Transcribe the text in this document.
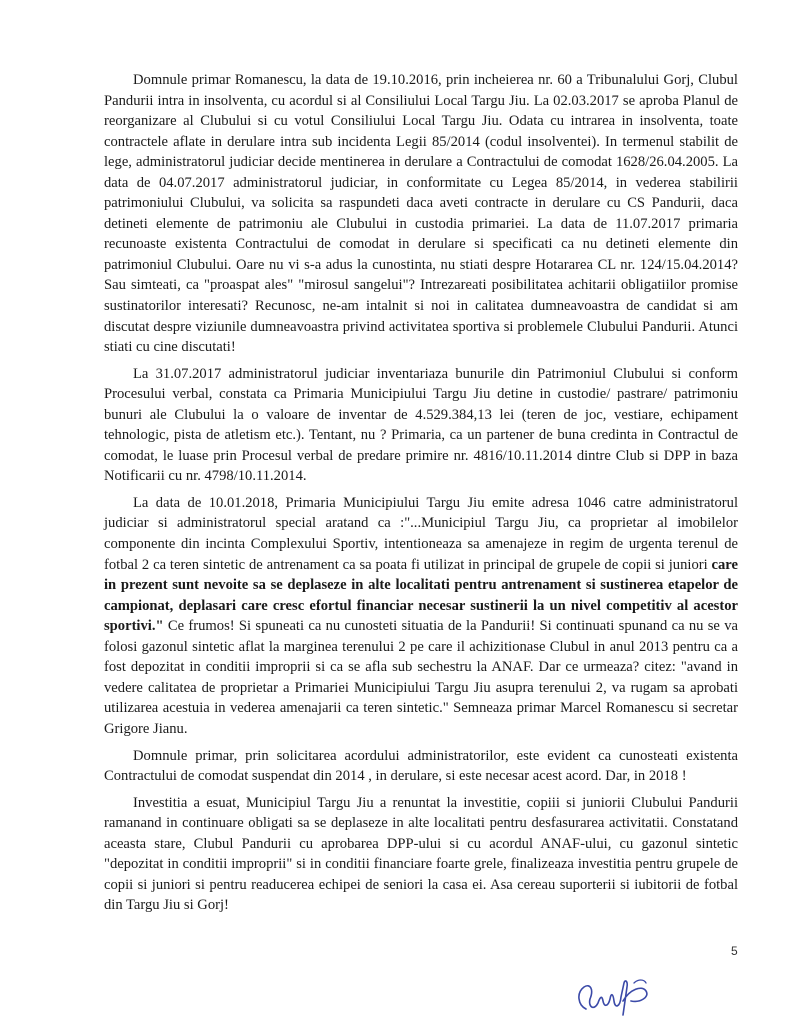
Domnule primar Romanescu, la data de 19.10.2016, prin incheierea nr. 60 a Tribunalului Gorj, Clubul Pandurii intra in insolventa, cu acordul si al Consiliului Local Targu Jiu. La 02.03.2017 se aproba Planul de reorganizare al Clubului si cu votul Consiliului Local Targu Jiu. Odata cu intrarea in insolventa, toate contractele aflate in derulare intra sub incidenta Legii 85/2014 (codul insolventei). In termenul stabilit de lege, administratorul judiciar decide mentinerea in derulare a Contractului de comodat 1628/26.04.2005. La data de 04.07.2017 administratorul judiciar, in conformitate cu Legea 85/2014, in vederea stabilirii patrimoniului Clubului, va solicita sa raspundeti daca aveti contracte in derulare cu CS Pandurii, daca detineti elemente de patrimoniu ale Clubului in custodia primariei. La data de 11.07.2017 primaria recunoaste existenta Contractului de comodat in derulare si specificati ca nu detineti elemente din patrimoniul Clubului. Oare nu vi s-a adus la cunostinta, nu stiati despre Hotararea CL nr. 124/15.04.2014? Sau simteati, ca "proaspat ales" "mirosul sangelui"? Intrezareati posibilitatea achitarii obligatiilor promise sustinatorilor interesati? Recunosc, ne-am intalnit si noi in calitatea dumneavoastra de candidat si am discutat despre viziunile dumneavoastra privind activitatea sportiva si problemele Clubului Pandurii. Atunci stiati cu cine discutati!

La 31.07.2017 administratorul judiciar inventariaza bunurile din Patrimoniul Clubului si conform Procesului verbal, constata ca Primaria Municipiului Targu Jiu detine in custodie/ pastrare/ patrimoniu bunuri ale Clubului la o valoare de inventar de 4.529.384,13 lei (teren de joc, vestiare, echipament tehnologic, pista de atletism etc.). Tentant, nu ? Primaria, ca un partener de buna credinta in Contractul de comodat, le luase prin Procesul verbal de predare primire nr. 4816/10.11.2014 dintre Club si DPP in baza Notificarii cu nr. 4798/10.11.2014.

La data de 10.01.2018, Primaria Municipiului Targu Jiu emite adresa 1046 catre administratorul judiciar si administratorul special aratand ca :"...Municipiul Targu Jiu, ca proprietar al imobilelor componente din incinta Complexului Sportiv, intentioneaza sa amenajeze in regim de urgenta terenul de fotbal 2 ca teren sintetic de antrenament ca sa poata fi utilizat in principal de grupele de copii si juniori care in prezent sunt nevoite sa se deplaseze in alte localitati pentru antrenament si sustinerea etapelor de campionat, deplasari care cresc efortul financiar necesar sustinerii la un nivel competitiv al acestor sportivi." Ce frumos! Si spuneati ca nu cunosteti situatia de la Pandurii! Si continuati spunand ca nu se va folosi gazonul sintetic aflat la marginea terenului 2 pe care il achizitionase Clubul in anul 2013 pentru ca a fost depozitat in conditii improprii si ca se afla sub sechestru la ANAF. Dar ce urmeaza? citez: "avand in vedere calitatea de proprietar a Primariei Municipiului Targu Jiu asupra terenului 2, va rugam sa aprobati utilizarea acestuia in vederea amenajarii ca teren sintetic." Semneaza primar Marcel Romanescu si secretar Grigore Jianu.

Domnule primar, prin solicitarea acordului administratorilor, este evident ca cunosteati existenta Contractului de comodat suspendat din 2014 , in derulare, si este necesar acest acord. Dar, in 2018 !

Investitia a esuat, Municipiul Targu Jiu a renuntat la investitie, copiii si juniorii Clubului Pandurii ramanand in continuare obligati sa se deplaseze in alte localitati pentru desfasurarea activitatii. Constatand aceasta stare, Clubul Pandurii cu aprobarea DPP-ului si cu acordul ANAF-ului, cu gazonul sintetic "depozitat in conditii improprii" si in conditii financiare foarte grele, finalizeaza investitia pentru grupele de copii si juniori si pentru readucerea echipei de seniori la casa ei. Asa cereau suporterii si iubitorii de fotbal din Targu Jiu si Gorj!

5
